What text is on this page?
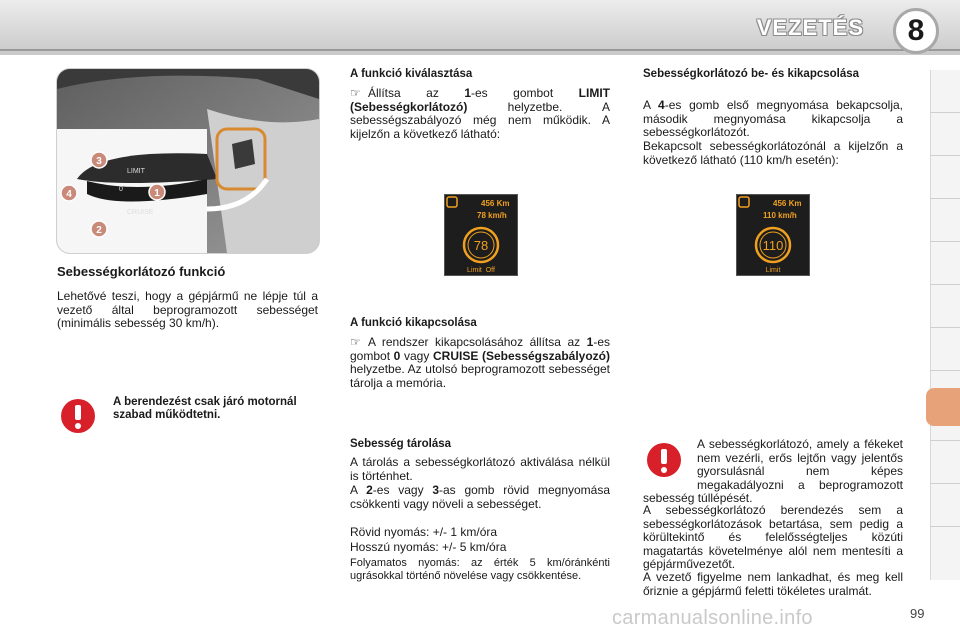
VEZETÉS	8
LIMIT
0
CRUISE
3
4	1
2
Sebességkorlátozó funkció
Lehetővé teszi, hogy a gépjármű ne lépje túl a vezető által beprogramozott sebességet (minimális sebesség 30 km/h).
A berendezést csak járó motornál szabad működtetni.
A funkció kiválasztása
☞ Állítsa az 1-es gombot LIMIT (Sebességkorlátozó) helyzetbe. A sebességszabályozó még nem működik. A kijelzőn a következő látható:
456 Km
78 km/h
78
Limit  Off
A funkció kikapcsolása
☞ A rendszer kikapcsolásához állítsa az 1-es gombot 0 vagy CRUISE (Sebességszabályozó) helyzetbe. Az utolsó beprogramozott sebességet tárolja a memória.
Sebesség tárolása
A tárolás a sebességkorlátozó aktiválása nélkül is történhet.
A 2-es vagy 3-as gomb rövid megnyomása csökkenti vagy növeli a sebességet.
Rövid nyomás: +/- 1 km/óra
Hosszú nyomás: +/- 5 km/óra
Folyamatos nyomás: az érték 5 km/óránkénti ugrásokkal történő növelése vagy csökkentése.
Sebességkorlátozó be- és kikapcsolása
A 4-es gomb első megnyomása bekapcsolja, második megnyomása kikapcsolja a sebességkorlátozót.
Bekapcsolt sebességkorlátozónál a kijelzőn a következő látható (110 km/h esetén):
456 Km
110 km/h
110
Limit
A sebességkorlátozó, amely a fékeket nem vezérli, erős lejtőn vagy jelentős gyorsulásnál nem képes megakadályozni a beprogramozott sebesség túllépését.
A sebességkorlátozó berendezés sem a sebességkorlátozások betartása, sem pedig a körültekintő és felelősségteljes közúti magatartás követelménye alól nem mentesíti a gépjárművezetőt.
A vezető figyelme nem lankadhat, és meg kell őriznie a gépjármű feletti tökéletes uralmát.
carmanualsonline.info	99
